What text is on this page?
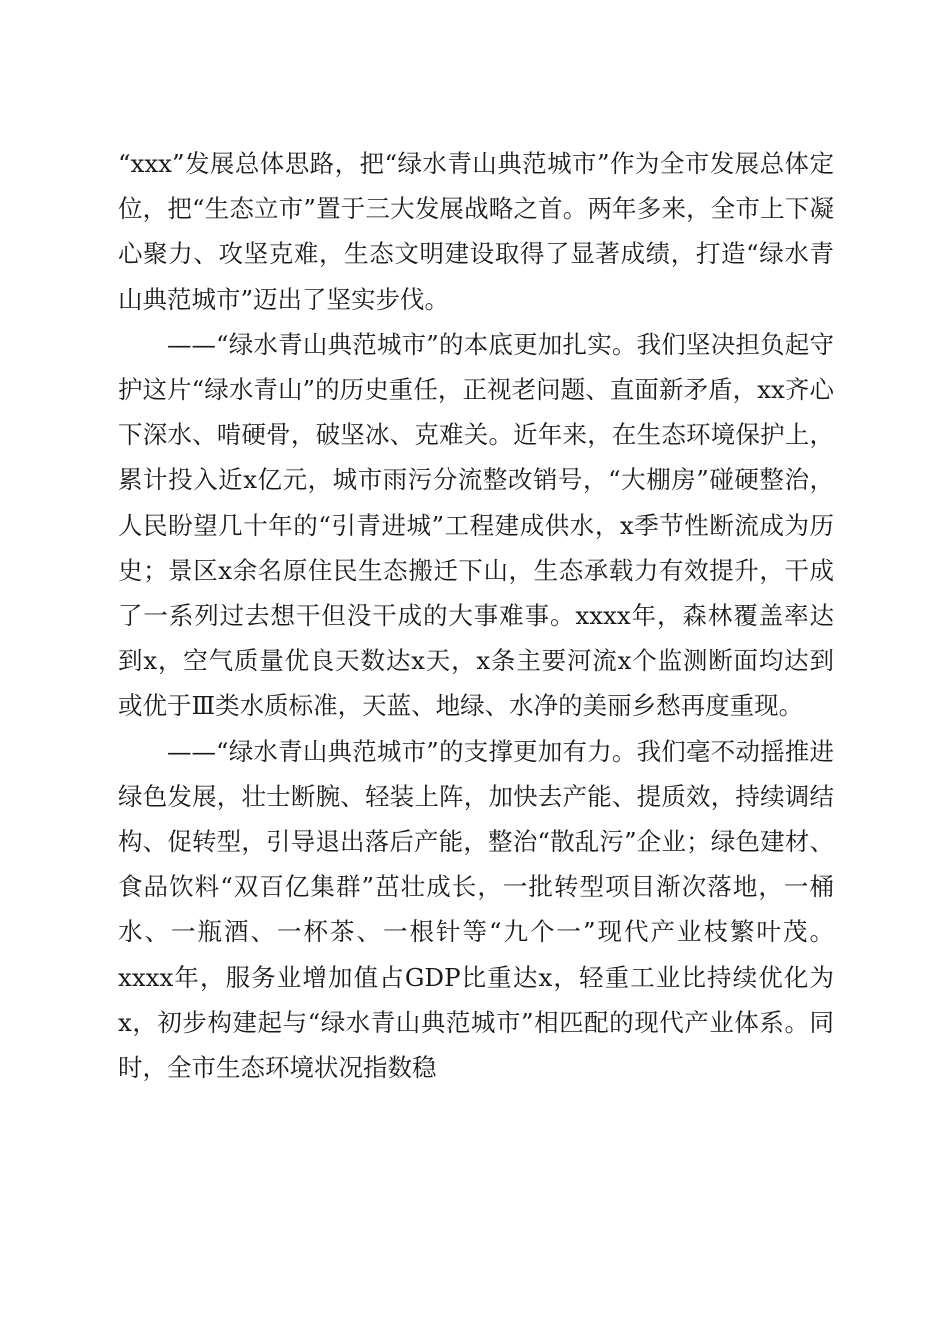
“xxx”发展总体思路，把“绿水青山典范城市”作为全市发展总体定位，把“生态立市”置于三大发展战略之首。两年多来，全市上下凝心聚力、攻坚克难，生态文明建设取得了显著成绩，打造“绿水青山典范城市”迈出了坚实步伐。

——“绿水青山典范城市”的本底更加扎实。我们坚决担负起守护这片“绿水青山”的历史重任，正视老问题、直面新矛盾，xx齐心下深水、啃硬骨，破坚冰、克难关。近年来，在生态环境保护上，累计投入近x亿元，城市雨污分流整改销号，“大棚房”碰硬整治，人民盼望几十年的“引青进城”工程建成供水，x季节性断流成为历史；景区x余名原住民生态搬迁下山，生态承载力有效提升，干成了一系列过去想干但没干成的大事难事。xxxx年，森林覆盖率达到x，空气质量优良天数达x天，x条主要河流x个监测断面均达到或优于Ⅲ类水质标准，天蓝、地绿、水净的美丽乡愁再度重现。

——“绿水青山典范城市”的支撑更加有力。我们毫不动摇推进绿色发展，壮士断腕、轻装上阵，加快去产能、提质效，持续调结构、促转型，引导退出落后产能，整治“散乱污”企业；绿色建材、食品饮料“双百亿集群”茁壮成长，一批转型项目渐次落地，一桶水、一瓶酒、一杯茶、一根针等“九个一”现代产业枝繁叶茂。xxxx年，服务业增加值占GDP比重达x，轻重工业比持续优化为x，初步构建起与“绿水青山典范城市”相匹配的现代产业体系。同时，全市生态环境状况指数稳
